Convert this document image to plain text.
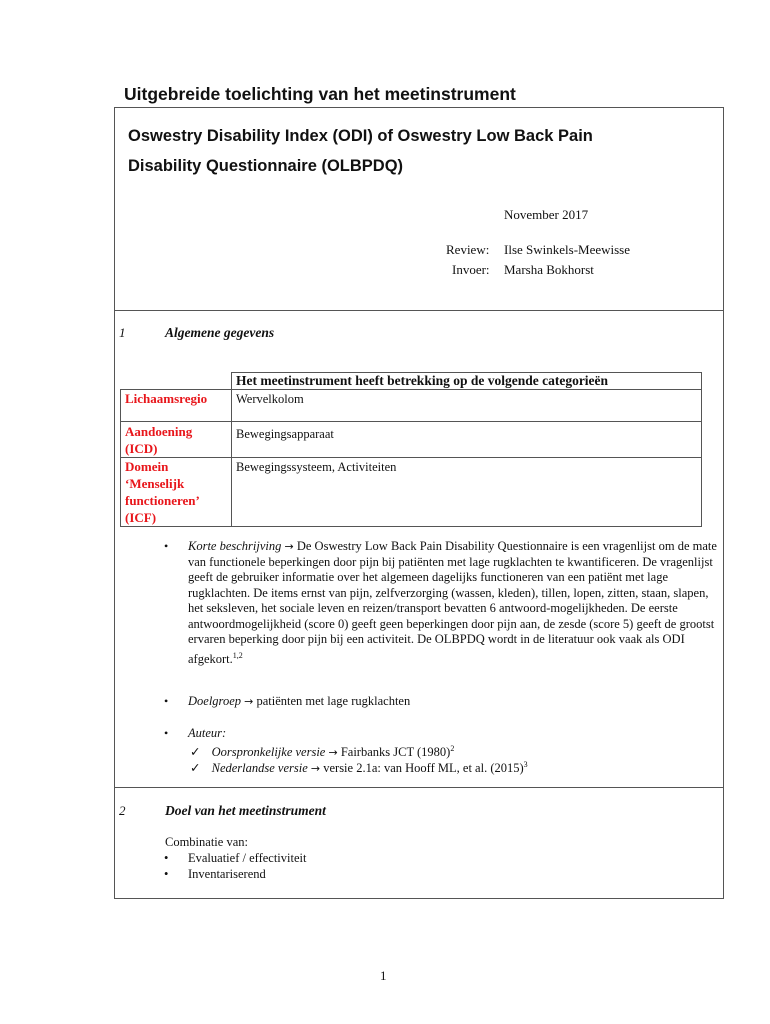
Uitgebreide toelichting van het meetinstrument
Oswestry Disability Index (ODI) of Oswestry Low Back Pain
Disability Questionnaire (OLBPDQ)
November 2017
Review: Ilse Swinkels-Meewisse
Invoer: Marsha Bokhorst
1	Algemene gegevens
	Het meetinstrument heeft betrekking op de volgende categorieën
Lichaamsregio	Wervelkolom
Aandoening (ICD)	Bewegingsapparaat
Domein ‘Menselijk functioneren’ (ICF)	Bewegingssysteem, Activiteiten
• Korte beschrijving → De Oswestry Low Back Pain Disability Questionnaire is een vragenlijst om de mate van functionele beperkingen door pijn bij patiënten met lage rugklachten te kwantificeren. De vragenlijst geeft de gebruiker informatie over het algemeen dagelijks functioneren van een patiënt met lage rugklachten. De items ernst van pijn, zelfverzorging (wassen, kleden), tillen, lopen, zitten, staan, slapen, het seksleven, het sociale leven en reizen/transport bevatten 6 antwoord-mogelijkheden. De eerste antwoordmogelijkheid (score 0) geeft geen beperkingen door pijn aan, de zesde (score 5) geeft de grootst ervaren beperking door pijn bij een activiteit. De OLBPDQ wordt in de literatuur ook vaak als ODI afgekort.$^{1,2}$
• Doelgroep → patiënten met lage rugklachten
• Auteur:
✓ Oorspronkelijke versie → Fairbanks JCT $(1980)^2$
✓ Nederlandse versie → versie 2.1a: van Hooff ML, et al. $(2015)^3$
2	Doel van het meetinstrument
Combinatie van:
• Evaluatief / effectiviteit
• Inventariserend
1
